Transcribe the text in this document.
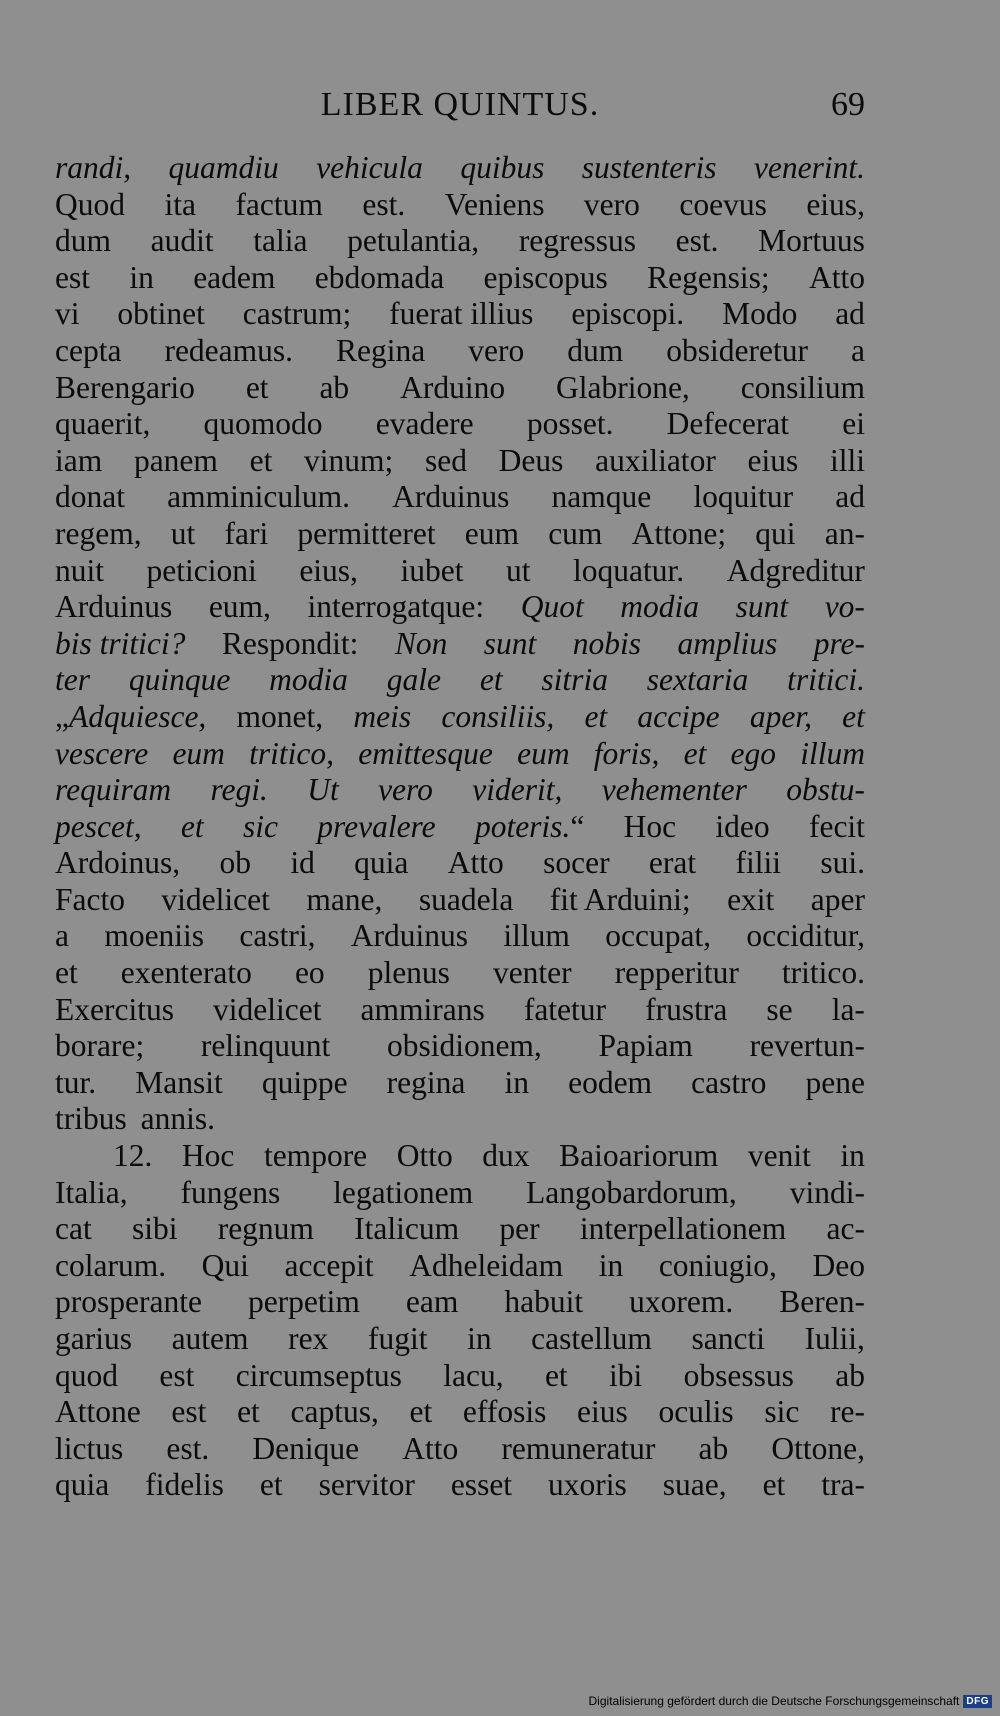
LIBER QUINTUS.	69
randi, quamdiu vehicula quibus sustenteris venerint.
Quod ita factum est. Veniens vero coevus eius,
dum audit talia petulantia, regressus est. Mortuus
est in eadem ebdomada episcopus Regensis; Atto
vi obtinet castrum; fuerat illius episcopi. Modo ad
cepta redeamus. Regina vero dum obsideretur a
Berengario et ab Arduino Glabrione, consilium
quaerit, quomodo evadere posset. Defecerat ei
iam panem et vinum; sed Deus auxiliator eius illi
donat amminiculum. Arduinus namque loquitur ad
regem, ut fari permitteret eum cum Attone; qui an-
nuit peticioni eius, iubet ut loquatur. Adgreditur
Arduinus eum, interrogatque: Quot modia sunt vo-
bis tritici? Respondit: Non sunt nobis amplius pre-
ter quinque modia gale et sitria sextaria tritici.
„Adquiesce, monet, meis consiliis, et accipe aper, et
vescere eum tritico, emittesque eum foris, et ego illum
requiram regi. Ut vero viderit, vehementer obstu-
pescet, et sic prevalere poteris.“ Hoc ideo fecit
Ardoinus, ob id quia Atto socer erat filii sui.
Facto videlicet mane, suadela fit Arduini; exit aper
a moeniis castri, Arduinus illum occupat, occiditur,
et exenterato eo plenus venter repperitur tritico.
Exercitus videlicet ammirans fatetur frustra se la-
borare; relinquunt obsidionem, Papiam revertun-
tur. Mansit quippe regina in eodem castro pene
tribus annis.
12. Hoc tempore Otto dux Baioariorum venit in
Italia, fungens legationem Langobardorum, vindi-
cat sibi regnum Italicum per interpellationem ac-
colarum. Qui accepit Adheleidam in coniugio, Deo
prosperante perpetim eam habuit uxorem. Beren-
garius autem rex fugit in castellum sancti Iulii,
quod est circumseptus lacu, et ibi obsessus ab
Attone est et captus, et effosis eius oculis sic re-
lictus est. Denique Atto remuneratur ab Ottone,
quia fidelis et servitor esset uxoris suae, et tra-
Digitalisierung gefördert durch die Deutsche Forschungsgemeinschaft DFG
